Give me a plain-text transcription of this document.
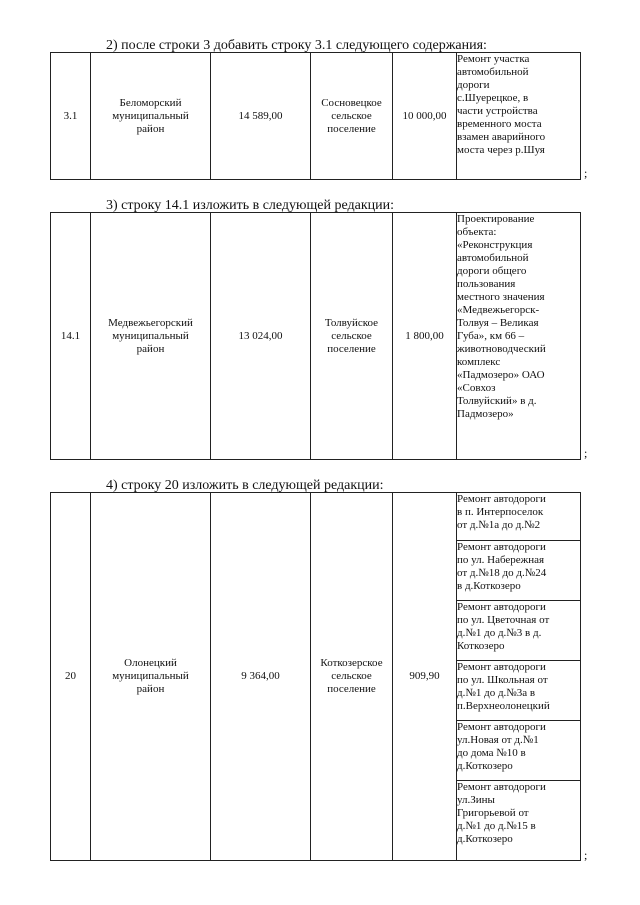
2) после строки 3 добавить строку 3.1 следующего содержания:
3.1	Беломорский
муниципальный
район	14 589,00	Сосновецкое
сельское
поселение	10 000,00	Ремонт участка
автомобильной
дороги
с.Шуерецкое, в
части устройства
временного моста
взамен аварийного
моста через р.Шуя
;
3) строку 14.1 изложить в следующей редакции:
14.1	Медвежьегорский
муниципальный
район	13 024,00	Толвуйское
сельское
поселение	1 800,00	Проектирование
объекта:
«Реконструкция
автомобильной
дороги общего
пользования
местного значения
«Медвежьегорск-
Толвуя – Великая
Губа», км 66 –
животноводческий
комплекс
«Падмозеро» ОАО
«Совхоз
Толвуйский» в д.
Падмозеро»
;
4) строку 20 изложить в следующей редакции:
20	Олонецкий
муниципальный
район	9 364,00	Коткозерское
сельское
поселение	909,90	Ремонт автодороги
в п. Интерпоселок
от д.№1а до д.№2
Ремонт автодороги
по ул. Набережная
от д.№18 до д.№24
в д.Коткозеро
Ремонт автодороги
по ул. Цветочная от
д.№1 до д.№3 в д.
Коткозеро
Ремонт автодороги
по ул. Школьная от
д.№1 до д.№3а в
п.Верхнеолонецкий
Ремонт автодороги
ул.Новая от д.№1
до дома №10 в
д.Коткозеро
Ремонт автодороги
ул.Зины
Григорьевой от
д.№1 до д.№15 в
д.Коткозеро
;
